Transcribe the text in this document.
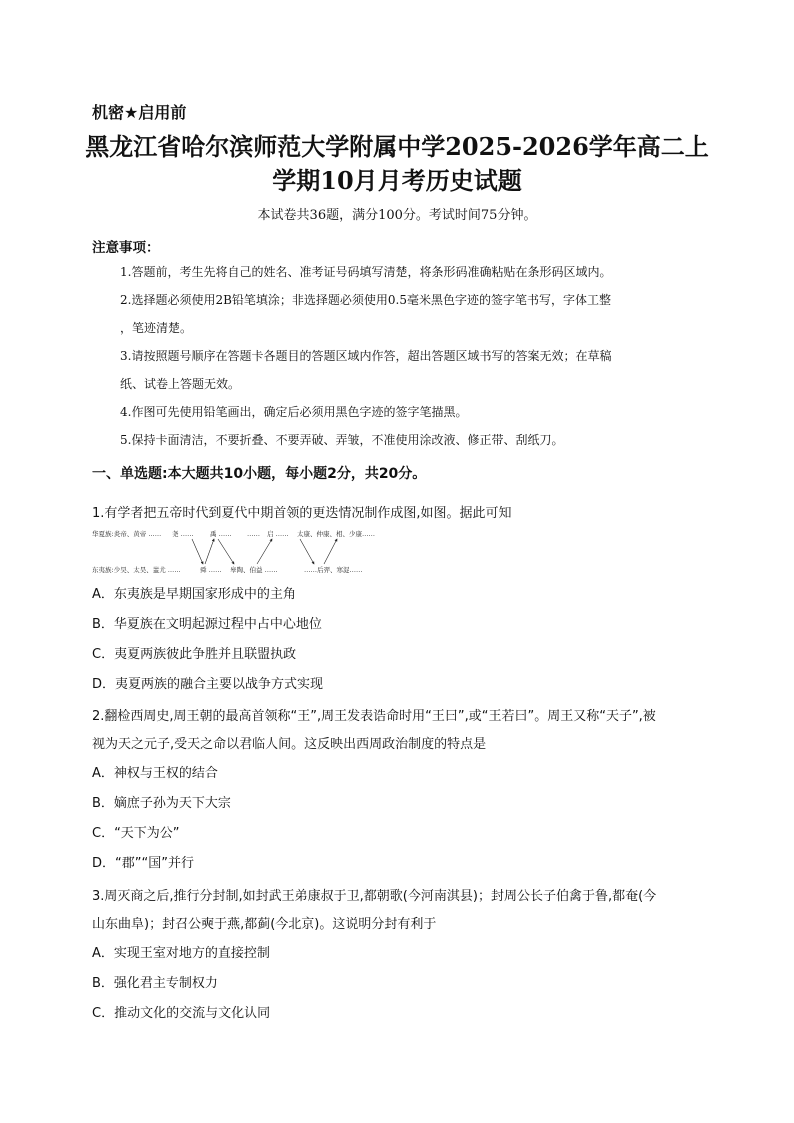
机密★启用前
黑龙江省哈尔滨师范大学附属中学2025-2026学年高二上
学期10月月考历史试题
本试卷共36题，满分100分。考试时间75分钟。
注意事项：
1.答题前，考生先将自己的姓名、准考证号码填写清楚，将条形码准确粘贴在条形码区域内。
2.选择题必须使用2B铅笔填涂；非选择题必须使用0.5毫米黑色字迹的签字笔书写，字体工整
，笔迹清楚。
3.请按照题号顺序在答题卡各题目的答题区域内作答，超出答题区域书写的答案无效；在草稿
纸、试卷上答题无效。
4.作图可先使用铅笔画出，确定后必须用黑色字迹的签字笔描黑。
5.保持卡面清洁，不要折叠、不要弄破、弄皱，不准使用涂改液、修正带、刮纸刀。
一、单选题:本大题共10小题，每小题2分，共20分。
1.有学者把五帝时代到夏代中期首领的更迭情况制作成图,如图。据此可知
华夏族:炎帝、黄帝 …… 尧 ……	禹 …… …… 启 …… 太康、仲康、相、少康……
东夷族:少昊、太昊、蚩尤 ……	舜 …… 皋陶、伯益 ……	……后羿、寒浞……
A．东夷族是早期国家形成中的主角
B．华夏族在文明起源过程中占中心地位
C．夷夏两族彼此争胜并且联盟执政
D．夷夏两族的融合主要以战争方式实现
2.翻检西周史,周王朝的最高首领称“王”,周王发表诰命时用“王曰”,或“王若曰”。周王又称“天子”,被
视为天之元子,受天之命以君临人间。这反映出西周政治制度的特点是
A．神权与王权的结合
B．嫡庶子孙为天下大宗
C．“天下为公”
D．“郡”“国”并行
3.周灭商之后,推行分封制,如封武王弟康叔于卫,都朝歌(今河南淇县)；封周公长子伯禽于鲁,都奄(今
山东曲阜)；封召公奭于燕,都蓟(今北京)。这说明分封有利于
A．实现王室对地方的直接控制
B．强化君主专制权力
C．推动文化的交流与文化认同
